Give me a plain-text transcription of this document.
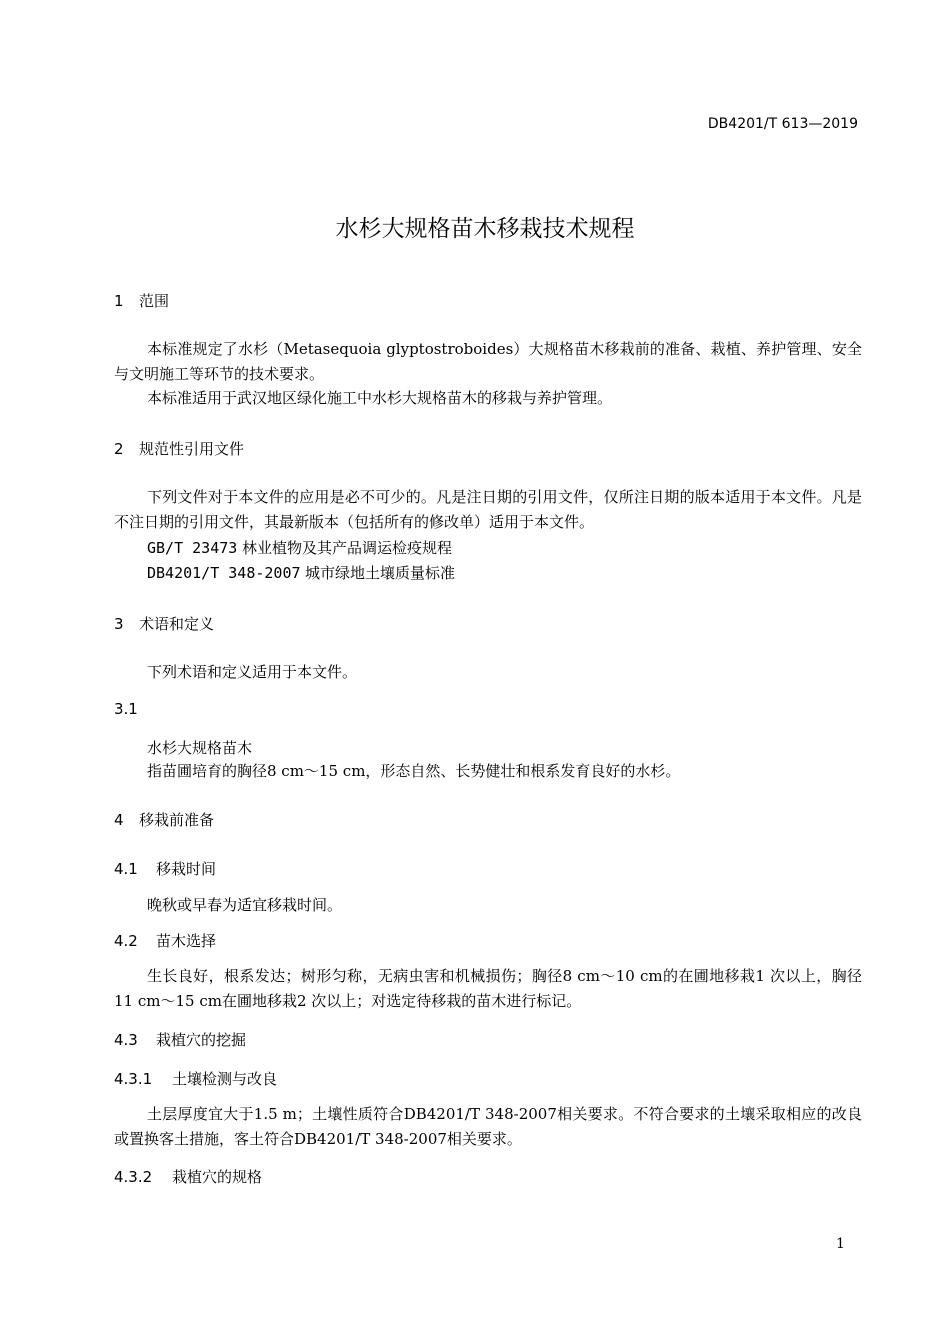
DB4201/T 613—2019
水杉大规格苗木移栽技术规程
1 范围
本标准规定了水杉（Metasequoia glyptostroboides）大规格苗木移栽前的准备、栽植、养护管理、安全与文明施工等环节的技术要求。
本标准适用于武汉地区绿化施工中水杉大规格苗木的移栽与养护管理。
2 规范性引用文件
下列文件对于本文件的应用是必不可少的。凡是注日期的引用文件，仅所注日期的版本适用于本文件。凡是不注日期的引用文件，其最新版本（包括所有的修改单）适用于本文件。
GB/T 23473 林业植物及其产品调运检疫规程
DB4201/T 348-2007 城市绿地土壤质量标准
3 术语和定义
下列术语和定义适用于本文件。
3.1
水杉大规格苗木
指苗圃培育的胸径8 cm～15 cm，形态自然、长势健壮和根系发育良好的水杉。
4 移栽前准备
4.1 移栽时间
晚秋或早春为适宜移栽时间。
4.2 苗木选择
生长良好，根系发达；树形匀称，无病虫害和机械损伤；胸径8 cm～10 cm的在圃地移栽1 次以上，胸径11 cm～15 cm在圃地移栽2 次以上；对选定待移栽的苗木进行标记。
4.3 栽植穴的挖掘
4.3.1 土壤检测与改良
土层厚度宜大于1.5 m；土壤性质符合DB4201/T 348-2007相关要求。不符合要求的土壤采取相应的改良或置换客土措施，客土符合DB4201/T 348-2007相关要求。
4.3.2 栽植穴的规格
1
